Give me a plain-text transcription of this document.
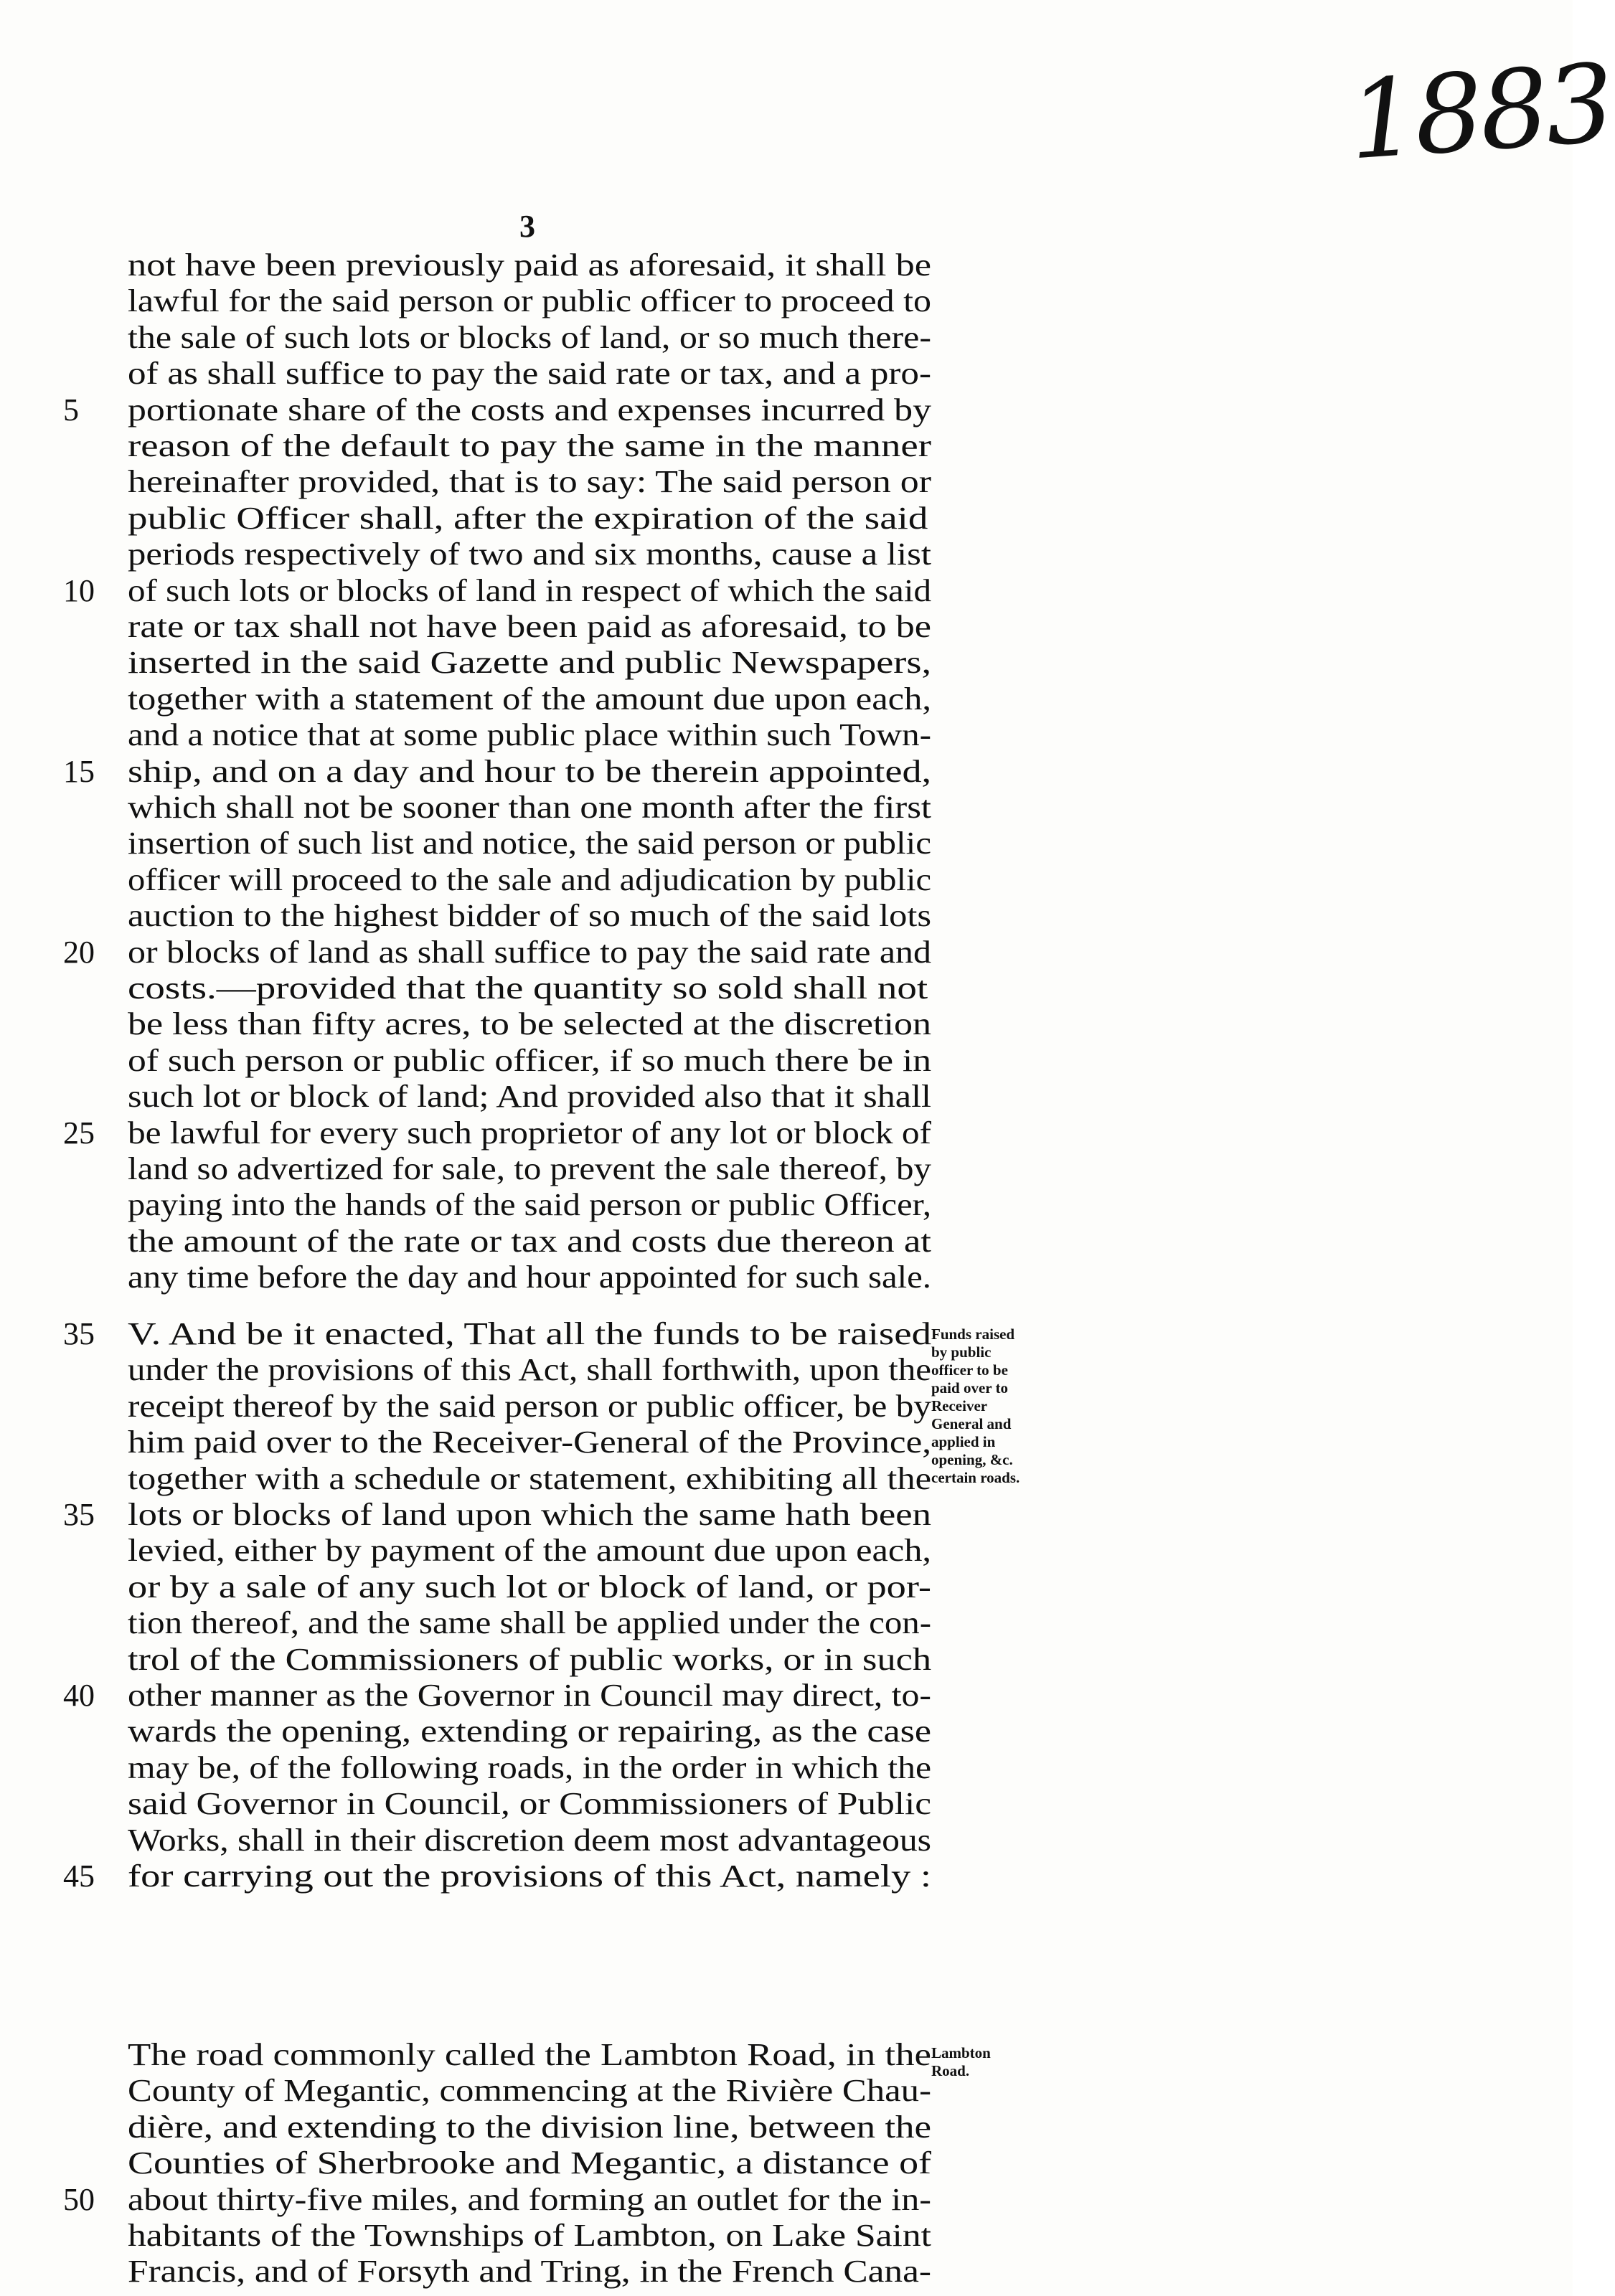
1883
3
not have been previously paid as aforesaid, it shall be
lawful for the said person or public officer to proceed to
the sale of such lots or blocks of land, or so much there-
of as shall suffice to pay the said rate or tax, and a pro-
5	portionate share of the costs and expenses incurred by
reason of the default to pay the same in the manner
hereinafter provided, that is to say: The said person or
public Officer shall, after the expiration of the said
periods respectively of two and six months, cause a list
10	of such lots or blocks of land in respect of which the said
rate or tax shall not have been paid as aforesaid, to be
inserted in the said Gazette and public Newspapers,
together with a statement of the amount due upon each,
and a notice that at some public place within such Town-
15	ship, and on a day and hour to be therein appointed,
which shall not be sooner than one month after the first
insertion of such list and notice, the said person or public
officer will proceed to the sale and adjudication by public
auction to the highest bidder of so much of the said lots
20	or blocks of land as shall suffice to pay the said rate and
costs.—provided that the quantity so sold shall not
be less than fifty acres, to be selected at the discretion
of such person or public officer, if so much there be in
such lot or block of land; And provided also that it shall
25	be lawful for every such proprietor of any lot or block of
land so advertized for sale, to prevent the sale thereof, by
paying into the hands of the said person or public Officer,
the amount of the rate or tax and costs due thereon at
any time before the day and hour appointed for such sale.
35	V. And be it enacted, That all the funds to be raised
under the provisions of this Act, shall forthwith, upon the
receipt thereof by the said person or public officer, be by
him paid over to the Receiver-General of the Province,
together with a schedule or statement, exhibiting all the
35	lots or blocks of land upon which the same hath been
levied, either by payment of the amount due upon each,
or by a sale of any such lot or block of land, or por-
tion thereof, and the same shall be applied under the con-
trol of the Commissioners of public works, or in such
40	other manner as the Governor in Council may direct, to-
wards the opening, extending or repairing, as the case
may be, of the following roads, in the order in which the
said Governor in Council, or Commissioners of Public
Works, shall in their discretion deem most advantageous
45	for carrying out the provisions of this Act, namely :
Funds raised
by public
officer to be
paid over to
Receiver
General and
applied in
opening, &c.
certain roads.
The road commonly called the Lambton Road, in the
County of Megantic, commencing at the Rivière Chau-
dière, and extending to the division line, between the
Counties of Sherbrooke and Megantic, a distance of
50	about thirty-five miles, and forming an outlet for the in-
habitants of the Townships of Lambton, on Lake Saint
Francis, and of Forsyth and Tring, in the French Cana-
Lambton
Road.
